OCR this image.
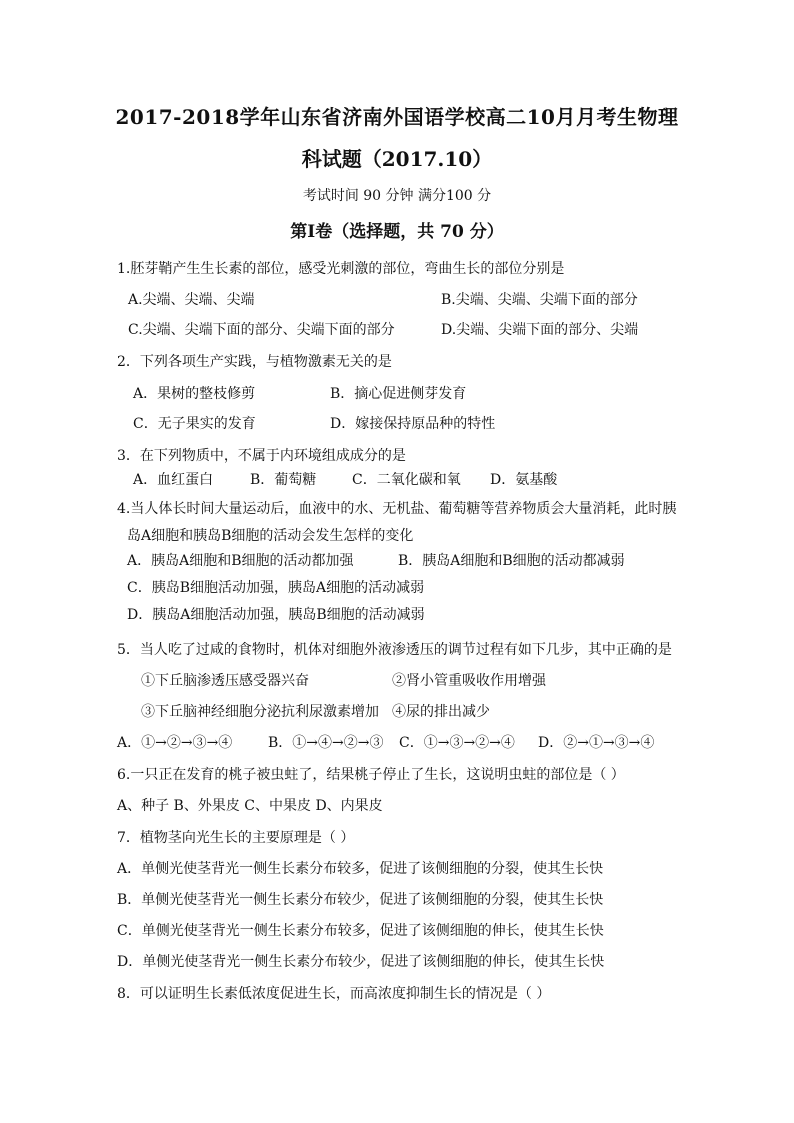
2017-2018学年山东省济南外国语学校高二10月月考生物理
科试题（2017.10）
考试时间 90 分钟 满分100 分
第Ⅰ卷（选择题，共 70 分）
1.胚芽鞘产生生长素的部位，感受光刺激的部位，弯曲生长的部位分别是
A.尖端、尖端、尖端	B.尖端、尖端、尖端下面的部分
C.尖端、尖端下面的部分、尖端下面的部分	D.尖端、尖端下面的部分、尖端
2．下列各项生产实践，与植物激素无关的是
A．果树的整枝修剪	B．摘心促进侧芽发育
C．无子果实的发育	D．嫁接保持原品种的特性
3．在下列物质中，不属于内环境组成成分的是
A．血红蛋白	B．葡萄糖	C．二氧化碳和氧 D．氨基酸
4.当人体长时间大量运动后，血液中的水、无机盐、葡萄糖等营养物质会大量消耗，此时胰
岛A细胞和胰岛B细胞的活动会发生怎样的变化
A．胰岛A细胞和B细胞的活动都加强	B．胰岛A细胞和B细胞的活动都减弱
C．胰岛B细胞活动加强，胰岛A细胞的活动减弱
D．胰岛A细胞活动加强，胰岛B细胞的活动减弱
5．当人吃了过咸的食物时，机体对细胞外液渗透压的调节过程有如下几步，其中正确的是
①下丘脑渗透压感受器兴奋	②肾小管重吸收作用增强
③下丘脑神经细胞分泌抗利尿激素增加 ④尿的排出减少
A．①→②→③→④	B．①→④→②→③ C．①→③→②→④ D．②→①→③→④
6.一只正在发育的桃子被虫蛀了，结果桃子停止了生长，这说明虫蛀的部位是（ ）
A、种子 B、外果皮 C、中果皮 D、内果皮
7．植物茎向光生长的主要原理是（ ）
A．单侧光使茎背光一侧生长素分布较多，促进了该侧细胞的分裂，使其生长快
B．单侧光使茎背光一侧生长素分布较少，促进了该侧细胞的分裂，使其生长快
C．单侧光使茎背光一侧生长素分布较多，促进了该侧细胞的伸长，使其生长快
D．单侧光使茎背光一侧生长素分布较少，促进了该侧细胞的伸长，使其生长快
8．可以证明生长素低浓度促进生长，而高浓度抑制生长的情况是（ ）
